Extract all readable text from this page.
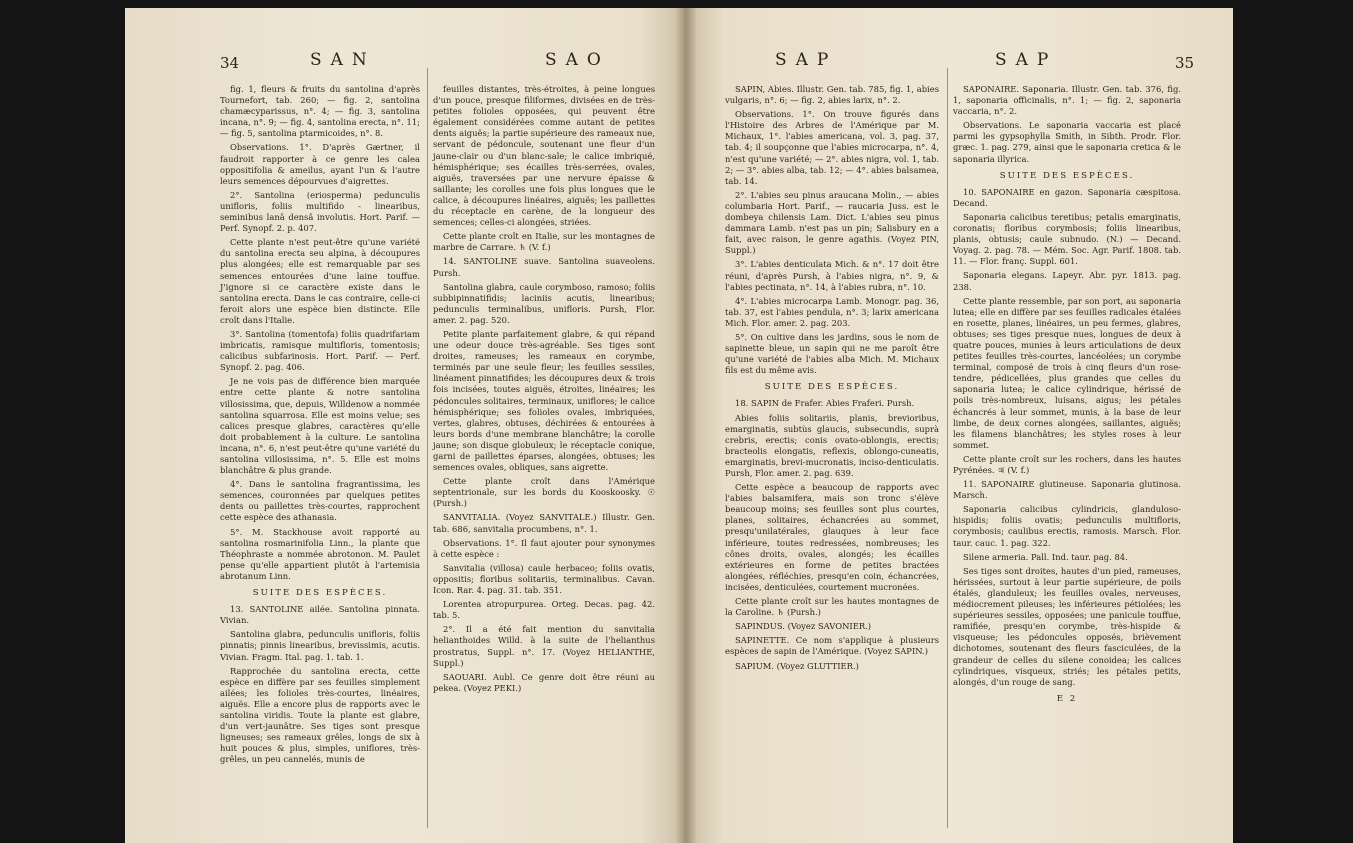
34	SAN	SAO

fig. 1, fleurs & fruits du santolina d'après Tournefort, tab. 260; — fig. 2, santolina chamæcyparissus, n°. 4; — fig. 3, santolina incana, n°. 9; — fig. 4, santolina erecta, n°. 11; — fig. 5, santolina ptarmicoides, n°. 8.

Observations. 1°. D'après Gærtner, il faudroit rapporter à ce genre les calea oppositifolia & ameilus, ayant l'un & l'autre leurs semences dépourvues d'aigrettes.

2°. Santolina (eriosperma) pedunculis unifloris, foliis multifido - linearibus, seminibus lanâ densâ involutis. Hort. Parif. — Perf. Synopf. 2. p. 407.

Cette plante n'est peut-être qu'une variété du santolina erecta seu alpina, à découpures plus alongées; elle est remarquable par ses semences entourées d'une laine touffue. J'ignore si ce caractère existe dans le santolina erecta. Dans le cas contraire, celle-ci feroit alors une espèce bien distincte. Elle croît dans l'Italie.

3°. Santolina (tomentofa) foliis quadrifariam imbricatis, ramisque multifloris, tomentosis; calicibus subfarinosis. Hort. Parif. — Perf. Synopf. 2. pag. 406.

Je ne vois pas de différence bien marquée entre cette plante & notre santolina villosissima, que, depuis, Willdenow a nommée santolina squarrosa. Elle est moins velue; ses calices presque glabres, caractères qu'elle doit probablement à la culture. Le santolina incana, n°. 6, n'est peut-être qu'une variété du santolina villosissima, n°. 5. Elle est moins blanchâtre & plus grande.

4°. Dans le santolina fragrantissima, les semences, couronnées par quelques petites dents ou paillettes très-courtes, rapprochent cette espèce des athanasia.

5°. M. Stackhouse avoit rapporté au santolina rosmarinifolia Linn., la plante que Théophraste a nommée abrotonon. M. Paulet pense qu'elle appartient plutôt à l'artemisia abrotanum Linn.

SUITE DES ESPÈCES.

13. SANTOLINE ailée. Santolina pinnata. Vivian.

Santolina glabra, pedunculis unifloris, foliis pinnatis; pinnis linearibus, brevissimis, acutis. Vivian. Fragm. Ital. pag. 1. tab. 1.

Rapprochée du santolina erecta, cette espèce en diffère par ses feuilles simplement ailées; les folioles très-courtes, linéaires, aiguës. Elle a encore plus de rapports avec le santolina viridis. Toute la plante est glabre, d'un vert-jaunâtre. Ses tiges sont presque ligneuses; ses rameaux grêles, longs de six à huit pouces & plus, simples, uniflores, très-grêles, un peu cannelés, munis de

feuilles distantes, très-étroites, à peine longues d'un pouce, presque filiformes, divisées en de très-petites folioles opposées, qui peuvent être également considérées comme autant de petites dents aiguës; la partie supérieure des rameaux nue, servant de pédoncule, soutenant une fleur d'un jaune-clair ou d'un blanc-sale; le calice imbriqué, hémisphérique; ses écailles très-serrées, ovales, aiguës, traversées par une nervure épaisse & saillante; les corolles une fois plus longues que le calice, à découpures linéaires, aiguës; les paillettes du réceptacle en carène, de la longueur des semences; celles-ci alongées, striées.

Cette plante croît en Italie, sur les montagnes de marbre de Carrare. ♄ (V. f.)

14. SANTOLINE suave. Santolina suaveolens. Pursh.

Santolina glabra, caule corymboso, ramoso; foliis subbipinnatifidis; laciniis acutis, linearibus; pedunculis terminalibus, unifloris. Pursh, Flor. amer. 2. pag. 520.

Petite plante parfaitement glabre, & qui répand une odeur douce très-agréable. Ses tiges sont droites, rameuses; les rameaux en corymbe, terminés par une seule fleur; les feuilles sessiles, linéament pinnatifides; les découpures deux & trois fois incisées, toutes aiguës, étroites, linéaires; les pédoncules solitaires, terminaux, uniflores; le calice hémisphérique; ses folioles ovales, imbriquées, vertes, glabres, obtuses, déchirées & entourées à leurs bords d'une membrane blanchâtre; la corolle jaune; son disque globuleux; le réceptacle conique, garni de paillettes éparses, alongées, obtuses; les semences ovales, obliques, sans aigrette.

Cette plante croît dans l'Amérique septentrionale, sur les bords du Kooskoosky. ☉ (Pursh.)

SANVITALIA. (Voyez SANVITALE.) Illustr. Gen. tab. 686, sanvitalia procumbens, n°. 1.

Observations. 1°. Il faut ajouter pour synonymes à cette espèce :

Sanvitalia (villosa) caule herbaceo; foliis ovatis, oppositis; floribus solitariis, terminalibus. Cavan. Icon. Rar. 4. pag. 31. tab. 351.

Lorentea atropurpurea. Orteg. Decas. pag. 42. tab. 5.

2°. Il a été fait mention du sanvitalia helianthoides Willd. à la suite de l'helianthus prostratus, Suppl. n°. 17. (Voyez HELIANTHE, Suppl.)

SAOUARI. Aubl. Ce genre doit être réuni au pekea. (Voyez PEKI.)

SAP	SAP	35

SAPIN, Abies. Illustr. Gen. tab. 785, fig. 1, abies vulgaris, n°. 6; — fig. 2, abies larix, n°. 2.

Observations. 1°. On trouve figurés dans l'Histoire des Arbres de l'Amérique par M. Michaux, 1°. l'abies americana, vol. 3, pag. 37, tab. 4; il soupçonne que l'abies microcarpa, n°. 4, n'est qu'une variété; — 2°. abies nigra, vol. 1, tab. 2; — 3°. abies alba, tab. 12; — 4°. abies balsamea, tab. 14.

2°. L'abies seu pinus araucana Molin., — abies columbaria Hort. Parif., — raucaria Juss. est le dombeya chilensis Lam. Dict. L'abies seu pinus dammara Lamb. n'est pas un pin; Salisbury en a fait, avec raison, le genre agathis. (Voyez PIN, Suppl.)

3°. L'abies denticulata Mich. & n°. 17 doit être réuni, d'après Pursh, à l'abies nigra, n°. 9, & l'abies pectinata, n°. 14, à l'abies rubra, n°. 10.

4°. L'abies microcarpa Lamb. Monogr. pag. 36, tab. 37, est l'abies pendula, n°. 3; larix americana Mich. Flor. amer. 2. pag. 203.

5°. On cultive dans les jardins, sous le nom de sapinette bleue, un sapin qui ne me paroît être qu'une variété de l'abies alba Mich. M. Michaux fils est du même avis.

SUITE DES ESPÈCES.

18. SAPIN de Frafer. Abies Fraferi. Pursh.

Abies foliis solitariis, planis, brevioribus, emarginatis, subtùs glaucis, subsecundis, suprà crebris, erectis; conis ovato-oblongis, erectis; bracteolis elongatis, reflexis, oblongo-cuneatis, emarginatis, brevi-mucronatis, inciso-denticulatis. Pursh, Flor. amer. 2. pag. 639.

Cette espèce a beaucoup de rapports avec l'abies balsamifera, mais son tronc s'élève beaucoup moins; ses feuilles sont plus courtes, planes, solitaires, échancrées au sommet, presqu'unilatérales, glauques à leur face inférieure, toutes redressées, nombreuses; les cônes droits, ovales, alongés; les écailles extérieures en forme de petites bractées alongées, réfléchies, presqu'en coin, échancrées, incisées, denticulées, courtement mucronées.

Cette plante croît sur les hautes montagnes de la Caroline. ♄ (Pursh.)

SAPINDUS. (Voyez SAVONIER.)

SAPINETTE. Ce nom s'applique à plusieurs espèces de sapin de l'Amérique. (Voyez SAPIN.)

SAPIUM. (Voyez GLUTTIER.)

SAPONAIRE. Saponaria. Illustr. Gen. tab. 376, fig. 1, saponaria officinalis, n°. 1; — fig. 2, saponaria vaccaria, n°. 2.

Observations. Le saponaria vaccaria est placé parmi les gypsophylla Smith, in Sibth. Prodr. Flor. græc. 1. pag. 279, ainsi que le saponaria cretica & le saponaria illyrica.

SUITE DES ESPÈCES.

10. SAPONAIRE en gazon. Saponaria cæspitosa. Decand.

Saponaria calicibus teretibus; petalis emarginatis, coronatis; floribus corymbosis; foliis linearibus, planis, obtusis; caule subnudo. (N.) — Decand. Voyag. 2. pag. 78. — Mém. Soc. Agr. Parif. 1808. tab. 11. — Flor. franç. Suppl. 601.

Saponaria elegans. Lapeyr. Abr. pyr. 1813. pag. 238.

Cette plante ressemble, par son port, au saponaria lutea; elle en diffère par ses feuilles radicales étalées en rosette, planes, linéaires, un peu fermes, glabres, obtuses; ses tiges presque nues, longues de deux à quatre pouces, munies à leurs articulations de deux petites feuilles très-courtes, lancéolées; un corymbe terminal, composé de trois à cinq fleurs d'un rose-tendre, pédicellées, plus grandes que celles du saponaria lutea; le calice cylindrique, hérissé de poils très-nombreux, luisans, aigus; les pétales échancrés à leur sommet, munis, à la base de leur limbe, de deux cornes alongées, saillantes, aiguës; les filamens blanchâtres; les styles roses à leur sommet.

Cette plante croît sur les rochers, dans les hautes Pyrénées. ♃ (V. f.)

11. SAPONAIRE glutineuse. Saponaria glutinosa. Marsch.

Saponaria calicibus cylindricis, glanduloso-hispidis; foliis ovatis; pedunculis multifloris, corymbosis; caulibus erectis, ramosis. Marsch. Flor. taur. cauc. 1. pag. 322.

Silene armeria. Pall. Ind. taur. pag. 84.

Ses tiges sont droites, hautes d'un pied, rameuses, hérissées, surtout à leur partie supérieure, de poils étalés, glanduleux; les feuilles ovales, nerveuses, médiocrement pileuses; les inférieures pétiolées; les supérieures sessiles, opposées; une panicule touffue, ramifiée, presqu'en corymbe, très-hispide & visqueuse; les pédoncules opposés, brièvement dichotomes, soutenant des fleurs fasciculées, de la grandeur de celles du silene conoidea; les calices cylindriques, visqueux, striés; les pétales petits, alongés, d'un rouge de sang.

E 2
